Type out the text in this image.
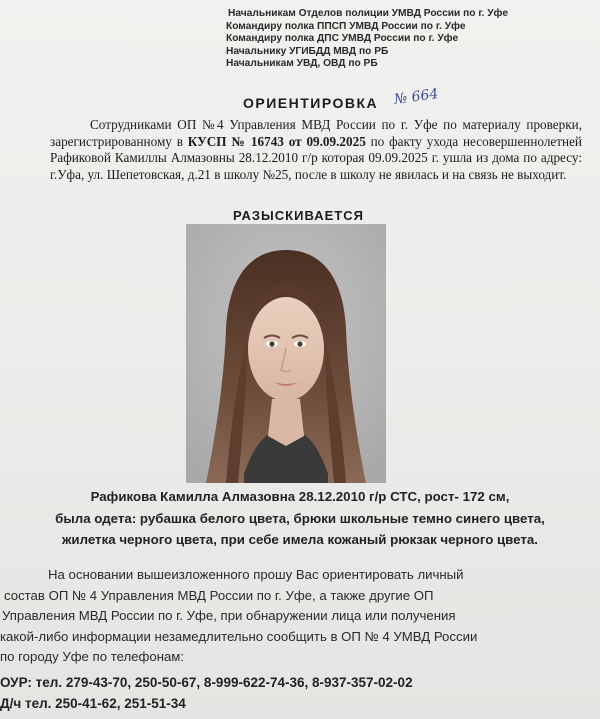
Начальникам Отделов полиции УМВД России по г. Уфе
Командиру полка ППСП УМВД России по г. Уфе
Командиру полка ДПС УМВД России по г. Уфе
Начальнику УГИБДД МВД по РБ
Начальникам УВД, ОВД по РБ
ОРИЕНТИРОВКА № 664

Сотрудниками ОП №4 Управления МВД России по г. Уфе по материалу проверки, зарегистрированному в КУСП № 16743 от 09.09.2025 по факту ухода несовершеннолетней Рафиковой Камиллы Алмазовны 28.12.2010 г/р которая 09.09.2025 г. ушла из дома по адресу: г.Уфа, ул. Шепетовская, д.21 в школу №25, после в школу не явилась и на связь не выходит.

РАЗЫСКИВАЕТСЯ
Рафикова Камилла Алмазовна 28.12.2010 г/р СТС, рост- 172 см,
была одета: рубашка белого цвета, брюки школьные темно синего цвета,
жилетка черного цвета, при себе имела кожаный рюкзак черного цвета.
На основании вышеизложенного прошу Вас ориентировать личный
состав ОП № 4 Управления МВД России по г. Уфе, а также другие ОП
Управления МВД России по г. Уфе, при обнаружении лица или получения
какой-либо информации незамедлительно сообщить в ОП № 4 УМВД России
по городу Уфе по телефонам:
ОУР: тел. 279-43-70, 250-50-67, 8-999-622-74-36, 8-937-357-02-02
Д/ч тел. 250-41-62, 251-51-34
